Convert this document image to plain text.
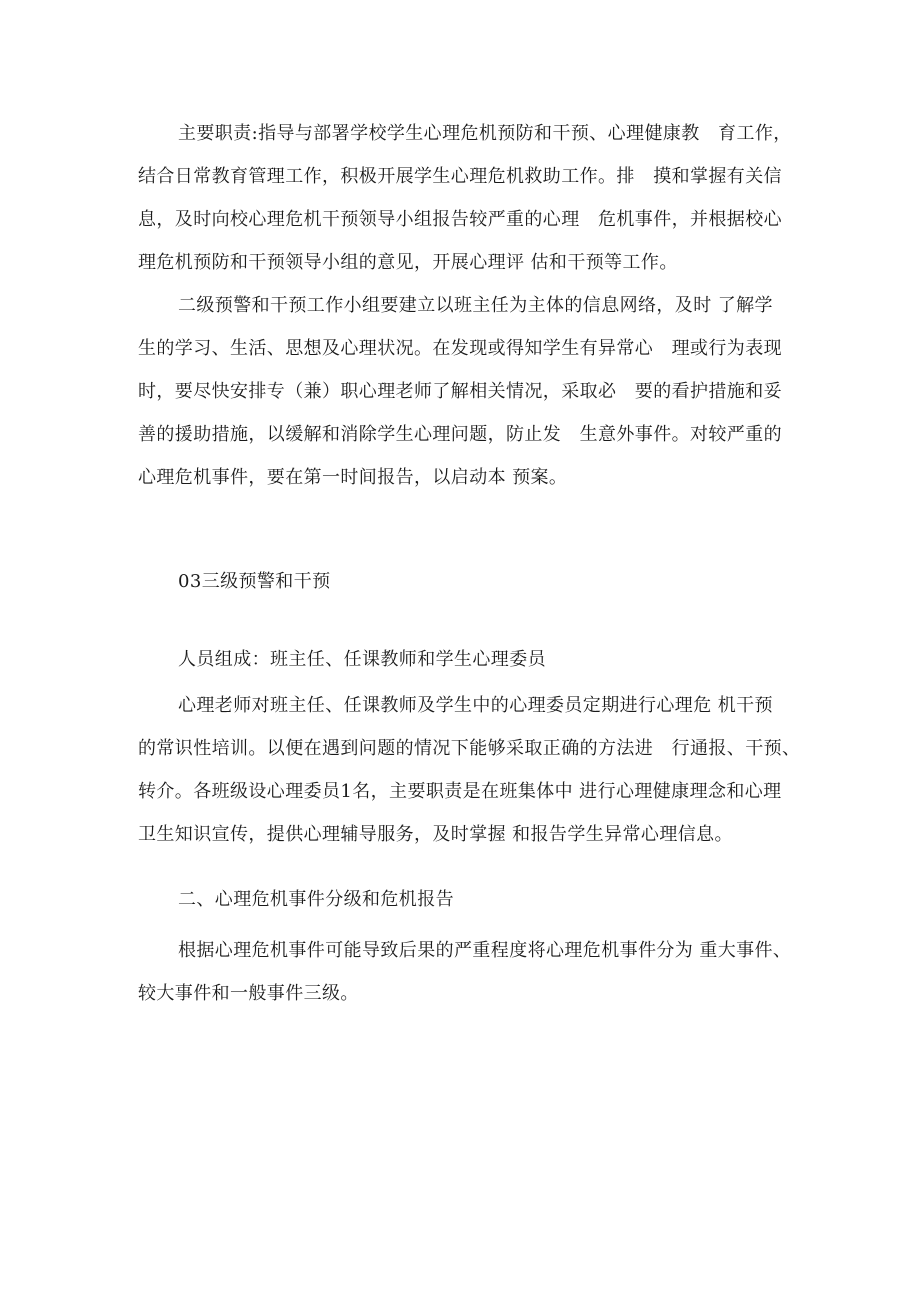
主要职责:指导与部署学校学生心理危机预防和干预、心理健康教　育工作，
结合日常教育管理工作，积极开展学生心理危机救助工作。排　摸和掌握有关信
息，及时向校心理危机干预领导小组报告较严重的心理　危机事件，并根据校心
理危机预防和干预领导小组的意见，开展心理评 估和干预等工作。

二级预警和干预工作小组要建立以班主任为主体的信息网络，及时 了解学
生的学习、生活、思想及心理状况。在发现或得知学生有异常心　理或行为表现
时，要尽快安排专（兼）职心理老师了解相关情况，采取必　要的看护措施和妥
善的援助措施，以缓解和消除学生心理问题，防止发　生意外事件。对较严重的
心理危机事件，要在第一时间报告，以启动本 预案。

03三级预警和干预

人员组成：班主任、任课教师和学生心理委员

心理老师对班主任、任课教师及学生中的心理委员定期进行心理危 机干预
的常识性培训。以便在遇到问题的情况下能够采取正确的方法进　行通报、干预、
转介。各班级设心理委员1名，主要职责是在班集体中 进行心理健康理念和心理
卫生知识宣传，提供心理辅导服务，及时掌握 和报告学生异常心理信息。

二、心理危机事件分级和危机报告

根据心理危机事件可能导致后果的严重程度将心理危机事件分为 重大事件、
较大事件和一般事件三级。
